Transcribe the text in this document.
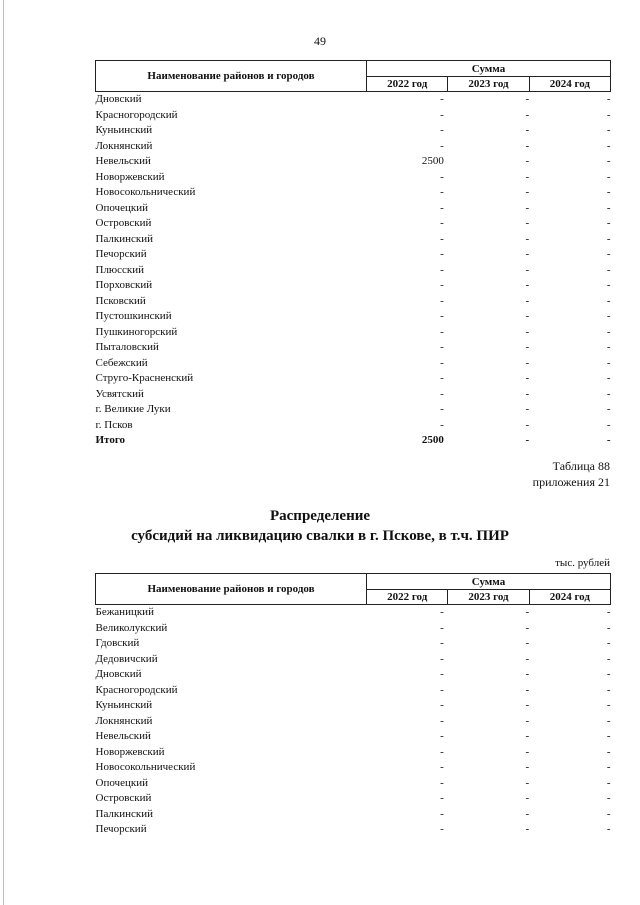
49
Наименование районов и городов	Сумма		
	2022 год	2023 год	2024 год
Дновский	-	-	-
Красногородский	-	-	-
Куньинский	-	-	-
Локнянский	-	-	-
Невельский	2500	-	-
Новоржевский	-	-	-
Новосокольнический	-	-	-
Опочецкий	-	-	-
Островский	-	-	-
Палкинский	-	-	-
Печорский	-	-	-
Плюсский	-	-	-
Порховский	-	-	-
Псковский	-	-	-
Пустошкинский	-	-	-
Пушкиногорский	-	-	-
Пыталовский	-	-	-
Себежский	-	-	-
Струго-Красненский	-	-	-
Усвятский	-	-	-
г. Великие Луки	-	-	-
г. Псков	-	-	-
Итого	2500	-	-
Таблица 88
приложения 21
Распределение
субсидий на ликвидацию свалки в г. Пскове, в т.ч. ПИР
тыс. рублей
Наименование районов и городов	Сумма		
	2022 год	2023 год	2024 год
Бежаницкий	-	-	-
Великолукский	-	-	-
Гдовский	-	-	-
Дедовичский	-	-	-
Дновский	-	-	-
Красногородский	-	-	-
Куньинский	-	-	-
Локнянский	-	-	-
Невельский	-	-	-
Новоржевский	-	-	-
Новосокольнический	-	-	-
Опочецкий	-	-	-
Островский	-	-	-
Палкинский	-	-	-
Печорский	-	-	-
